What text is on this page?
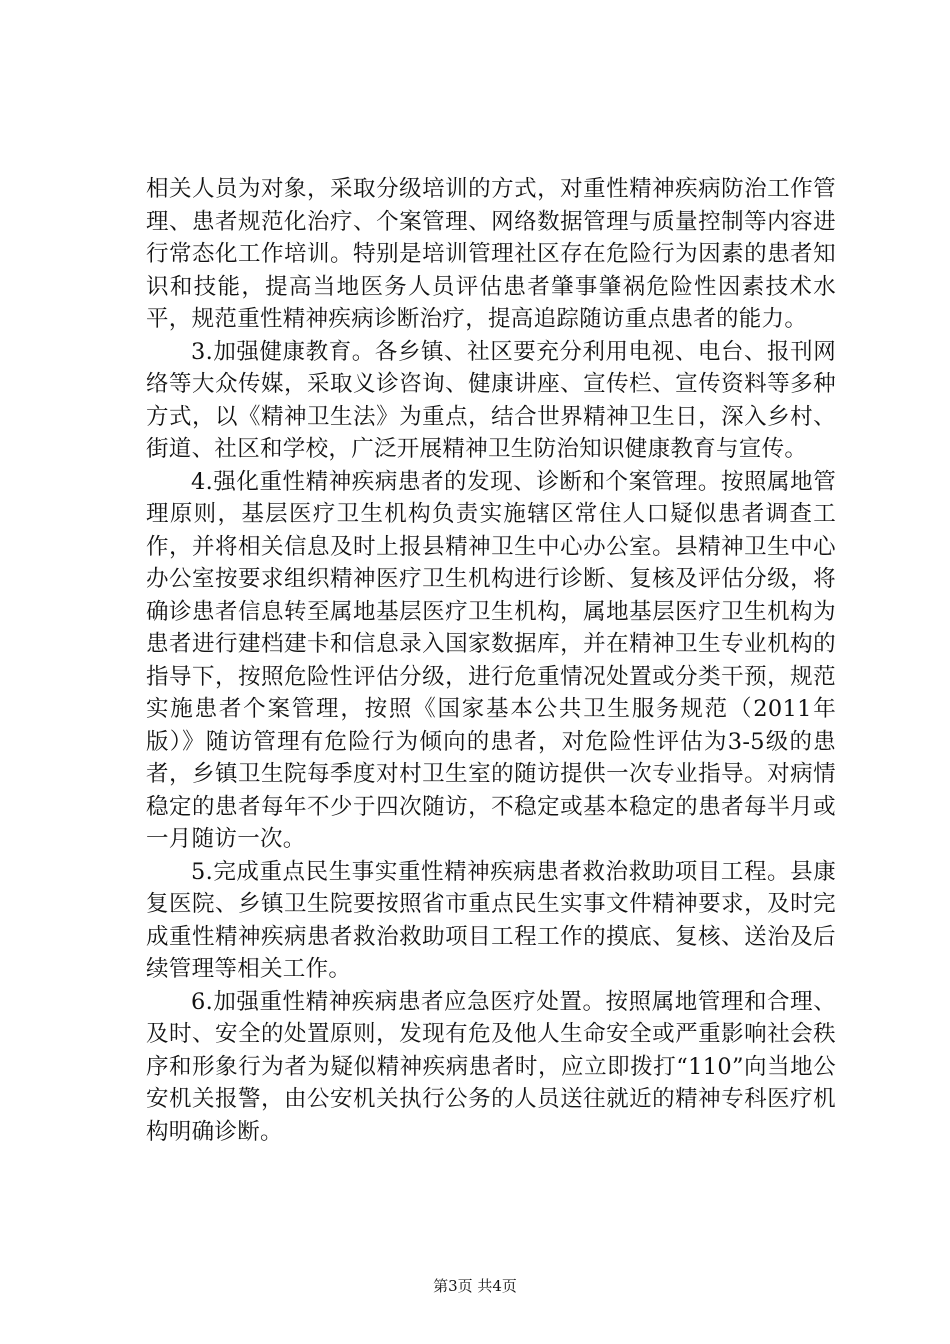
相关人员为对象，采取分级培训的方式，对重性精神疾病防治工作管理、患者规范化治疗、个案管理、网络数据管理与质量控制等内容进行常态化工作培训。特别是培训管理社区存在危险行为因素的患者知识和技能，提高当地医务人员评估患者肇事肇祸危险性因素技术水平，规范重性精神疾病诊断治疗，提高追踪随访重点患者的能力。

3.加强健康教育。各乡镇、社区要充分利用电视、电台、报刊网络等大众传媒，采取义诊咨询、健康讲座、宣传栏、宣传资料等多种方式，以《精神卫生法》为重点，结合世界精神卫生日，深入乡村、街道、社区和学校，广泛开展精神卫生防治知识健康教育与宣传。

4.强化重性精神疾病患者的发现、诊断和个案管理。按照属地管理原则，基层医疗卫生机构负责实施辖区常住人口疑似患者调查工作，并将相关信息及时上报县精神卫生中心办公室。县精神卫生中心办公室按要求组织精神医疗卫生机构进行诊断、复核及评估分级，将确诊患者信息转至属地基层医疗卫生机构，属地基层医疗卫生机构为患者进行建档建卡和信息录入国家数据库，并在精神卫生专业机构的指导下，按照危险性评估分级，进行危重情况处置或分类干预，规范实施患者个案管理，按照《国家基本公共卫生服务规范（2011年版）》随访管理有危险行为倾向的患者，对危险性评估为3-5级的患者，乡镇卫生院每季度对村卫生室的随访提供一次专业指导。对病情稳定的患者每年不少于四次随访，不稳定或基本稳定的患者每半月或一月随访一次。

5.完成重点民生事实重性精神疾病患者救治救助项目工程。县康复医院、乡镇卫生院要按照省市重点民生实事文件精神要求，及时完成重性精神疾病患者救治救助项目工程工作的摸底、复核、送治及后续管理等相关工作。

6.加强重性精神疾病患者应急医疗处置。按照属地管理和合理、及时、安全的处置原则，发现有危及他人生命安全或严重影响社会秩序和形象行为者为疑似精神疾病患者时，应立即拨打“110”向当地公安机关报警，由公安机关执行公务的人员送往就近的精神专科医疗机构明确诊断。

第3页 共4页
